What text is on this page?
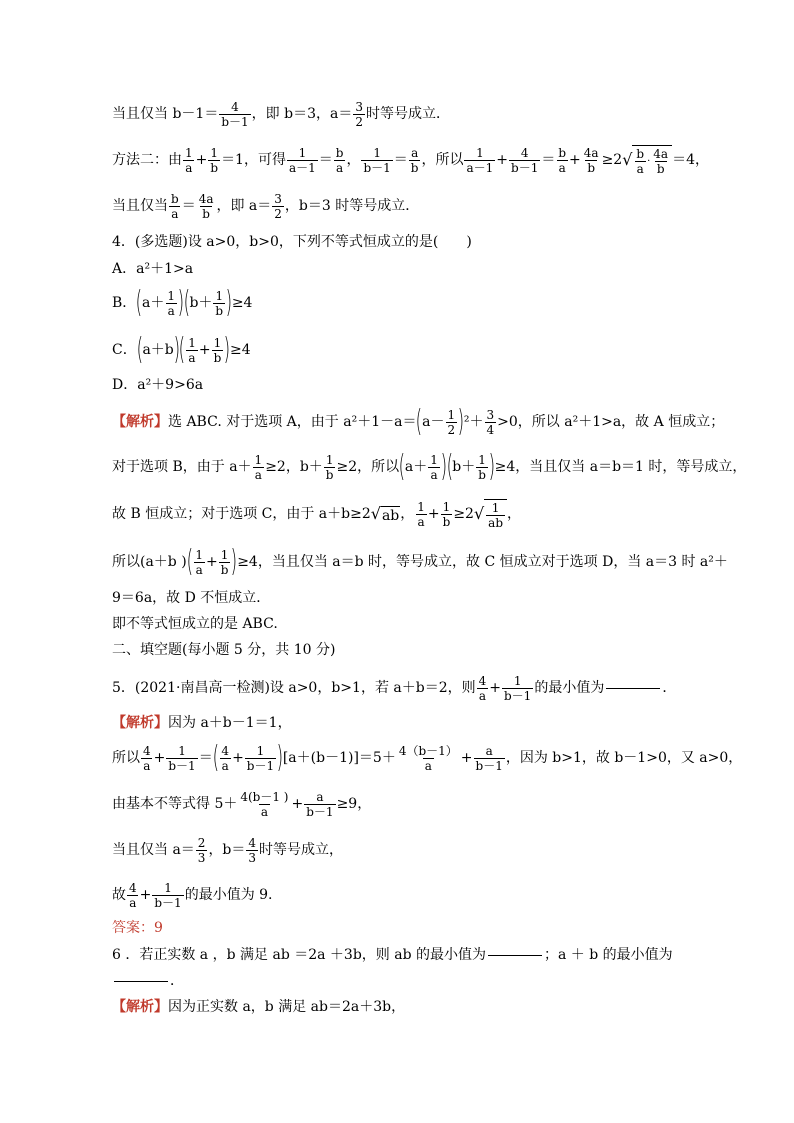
当且仅当 $b-1= \frac{4}{b-1}$ ，即 b＝3，$a= \frac{3}{2}$ 时等号成立．
方法二：由 $\frac{1}{a} + \frac{1}{b} =1$，可得 $\frac{1}{a-1} = \frac{b}{a}$ ， $\frac{1}{b-1} = \frac{a}{b}$ ，所以 $\frac{1}{a-1} + \frac{4}{b-1} = \frac{b}{a} + \frac{4a}{b} \ge 2$ √ $\frac{b}{a} \cdot \frac{4a}{b} =4$，
当且仅当 $\frac{b}{a} = \frac{4a}{b}$ ，即 $a= \frac{3}{2}$ ，b＝3 时等号成立．
4．(多选题)设 a>0，b>0，下列不等式恒成立的是(　　)
A．a²＋1>a
B． ( $a+ \frac{1}{a}$ ) ( $b+ \frac{1}{b}$ ) ≥4
C． ( a＋b ) ( $\frac{1}{a} + \frac{1}{b}$ ) ≥4
D．a²＋9>6a
【解析】 选 ABC. 对于选项 A，由于 a²＋1－a＝ ( $a- \frac{1}{2}$ ) $^2+ \frac{3}{4} >0$，所以 a²＋1>a，故 A 恒成立；
对于选项 B，由于 $a+ \frac{1}{a} \ge 2$，$b+ \frac{1}{b} \ge 2$，所以 ( $a+ \frac{1}{a}$ ) ( $b+ \frac{1}{b}$ ) ≥4，当且仅当 a＝b＝1 时，等号成立，
故 B 恒成立；对于选项 C，由于 a＋b≥2 √ ab ， $\frac{1}{a} + \frac{1}{b} \ge 2$ √ $\frac{1}{ab}$ ，
所以(a＋b ) ( $\frac{1}{a} + \frac{1}{b}$ ) ≥4，当且仅当 a＝b 时，等号成立，故 C 恒成立对于选项 D，当 a＝3 时 a²＋
9＝6a，故 D 不恒成立．
即不等式恒成立的是 ABC.
二、填空题(每小题 5 分，共 10 分)
5．(2021·南昌高一检测)设 a>0，b>1，若 a＋b＝2，则 $\frac{4}{a} + \frac{1}{b-1}$ 的最小值为	．
【解析】 因为 a＋b－1＝1，
所以 $\frac{4}{a} + \frac{1}{b-1}$ ＝ ( $\frac{4}{a} + \frac{1}{b-1}$ ) $[a+(b-1)]=5+ \frac{4(b-1)}{a} + \frac{a}{b-1}$ ，因为 b>1，故 b－1>0，又 a>0，
由基本不等式得 $5+ \frac{4(b-1 )}{a} + \frac{a}{b-1} \ge 9$，
当且仅当 $a= \frac{2}{3}$ ，$b= \frac{4}{3}$ 时等号成立，
故 $\frac{4}{a} + \frac{1}{b-1}$ 的最小值为 9.
答案：9
6 ．若正实数 a ，b 满足 ab ＝2a ＋3b，则 ab 的最小值为	；a ＋ b 的最小值为
．
【解析】 因为正实数 a，b 满足 ab＝2a＋3b，
